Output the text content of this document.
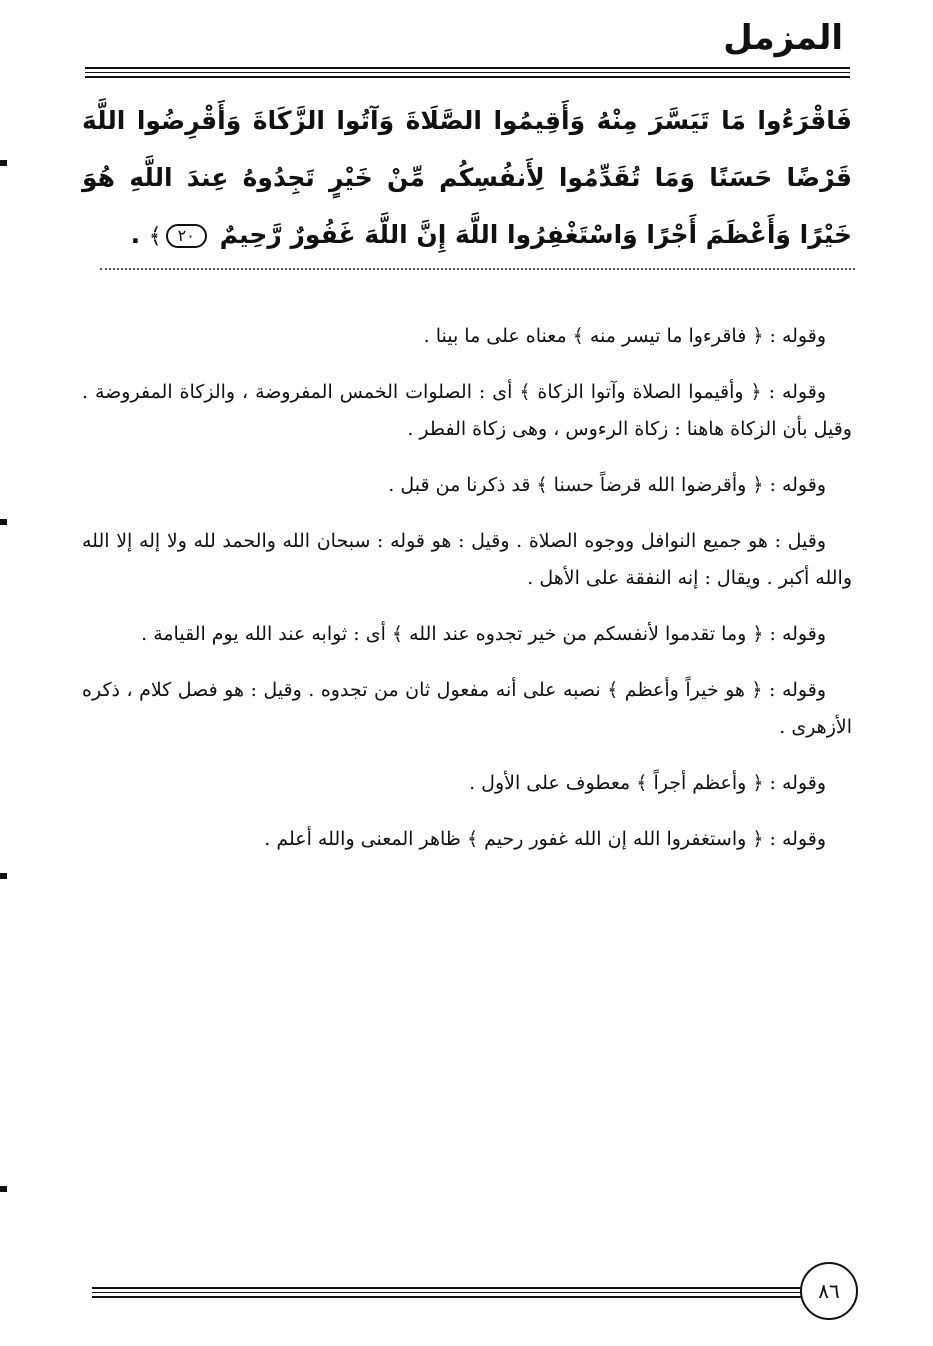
المزمل
فَاقْرَءُوا مَا تَيَسَّرَ مِنْهُ وَأَقِيمُوا الصَّلَاةَ وَآتُوا الزَّكَاةَ وَأَقْرِضُوا اللَّهَ قَرْضًا حَسَنًا وَمَا تُقَدِّمُوا لِأَنفُسِكُم مِّنْ خَيْرٍ تَجِدُوهُ عِندَ اللَّهِ هُوَ خَيْرًا وَأَعْظَمَ أَجْرًا وَاسْتَغْفِرُوا اللَّهَ إِنَّ اللَّهَ غَفُورٌ رَّحِيمٌ ٢٠﴾ .

وقوله : ﴿ فاقرءوا ما تيسر منه ﴾ معناه على ما بينا .

وقوله : ﴿ وأقيموا الصلاة وآتوا الزكاة ﴾ أى : الصلوات الخمس المفروضة ، والزكاة المفروضة . وقيل بأن الزكاة هاهنا : زكاة الرءوس ، وهى زكاة الفطر .

وقوله : ﴿ وأقرضوا الله قرضاً حسنا ﴾ قد ذكرنا من قبل .

وقيل : هو جميع النوافل ووجوه الصلاة . وقيل : هو قوله : سبحان الله والحمد لله ولا إله إلا الله والله أكبر . ويقال : إنه النفقة على الأهل .

وقوله : ﴿ وما تقدموا لأنفسكم من خير تجدوه عند الله ﴾ أى : ثوابه عند الله يوم القيامة .

وقوله : ﴿ هو خيراً وأعظم ﴾ نصبه على أنه مفعول ثان من تجدوه . وقيل : هو فصل كلام ، ذكره الأزهرى .

وقوله : ﴿ وأعظم أجراً ﴾ معطوف على الأول .

وقوله : ﴿ واستغفروا الله إن الله غفور رحيم ﴾ ظاهر المعنى والله أعلم .

٨٦
